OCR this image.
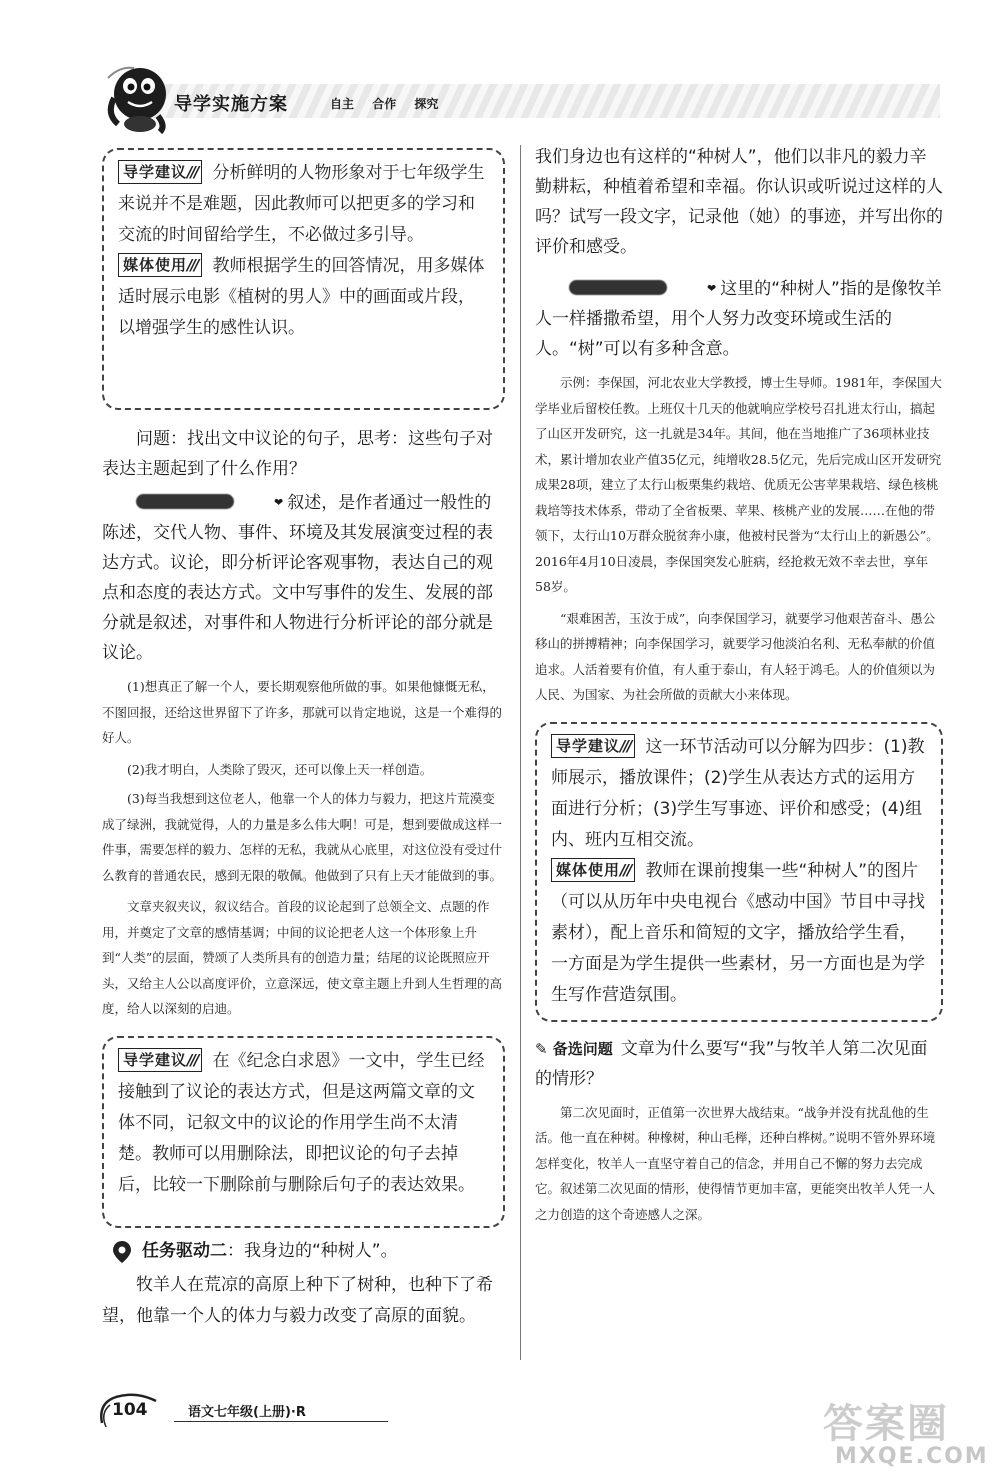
导学实施方案	自主 合作 探究
导学建议/// 分析鲜明的人物形象对于七年级学生来说并不是难题，因此教师可以把更多的学习和交流的时间留给学生，不必做过多引导。
媒体使用/// 教师根据学生的回答情况，用多媒体适时展示电影《植树的男人》中的画面或片段，以增强学生的感性认识。

问题：找出文中议论的句子，思考：这些句子对表达主题起到了什么作用？

❤ 叙述，是作者通过一般性的陈述，交代人物、事件、环境及其发展演变过程的表达方式。议论，即分析评论客观事物，表达自己的观点和态度的表达方式。文中写事件的发生、发展的部分就是叙述，对事件和人物进行分析评论的部分就是议论。

(1)想真正了解一个人，要长期观察他所做的事。如果他慷慨无私，不图回报，还给这世界留下了许多，那就可以肯定地说，这是一个难得的好人。

(2)我才明白，人类除了毁灭，还可以像上天一样创造。

(3)每当我想到这位老人，他靠一个人的体力与毅力，把这片荒漠变成了绿洲，我就觉得，人的力量是多么伟大啊！可是，想到要做成这样一件事，需要怎样的毅力、怎样的无私，我就从心底里，对这位没有受过什么教育的普通农民，感到无限的敬佩。他做到了只有上天才能做到的事。

文章夹叙夹议，叙议结合。首段的议论起到了总领全文、点题的作用，并奠定了文章的感情基调；中间的议论把老人这一个体形象上升到“人类”的层面，赞颂了人类所具有的创造力量；结尾的议论既照应开头，又给主人公以高度评价，立意深远，使文章主题上升到人生哲理的高度，给人以深刻的启迪。

导学建议/// 在《纪念白求恩》一文中，学生已经接触到了议论的表达方式，但是这两篇文章的文体不同，记叙文中的议论的作用学生尚不太清楚。教师可以用删除法，即把议论的句子去掉后，比较一下删除前与删除后句子的表达效果。

任务驱动二：我身边的“种树人”。

牧羊人在荒凉的高原上种下了树种，也种下了希望，他靠一个人的体力与毅力改变了高原的面貌。

我们身边也有这样的“种树人”，他们以非凡的毅力辛勤耕耘，种植着希望和幸福。你认识或听说过这样的人吗？试写一段文字，记录他（她）的事迹，并写出你的评价和感受。

❤ 这里的“种树人”指的是像牧羊人一样播撒希望，用个人努力改变环境或生活的人。“树”可以有多种含意。

示例：李保国，河北农业大学教授，博士生导师。1981年，李保国大学毕业后留校任教。上班仅十几天的他就响应学校号召扎进太行山，搞起了山区开发研究，这一扎就是34年。其间，他在当地推广了36项林业技术，累计增加农业产值35亿元，纯增收28.5亿元，先后完成山区开发研究成果28项，建立了太行山板栗集约栽培、优质无公害苹果栽培、绿色核桃栽培等技术体系，带动了全省板栗、苹果、核桃产业的发展……在他的带领下，太行山10万群众脱贫奔小康，他被村民誉为“太行山上的新愚公”。2016年4月10日凌晨，李保国突发心脏病，经抢救无效不幸去世，享年58岁。

“艰难困苦，玉汝于成”，向李保国学习，就要学习他艰苦奋斗、愚公移山的拼搏精神；向李保国学习，就要学习他淡泊名利、无私奉献的价值追求。人活着要有价值，有人重于泰山，有人轻于鸿毛。人的价值须以为人民、为国家、为社会所做的贡献大小来体现。

导学建议/// 这一环节活动可以分解为四步：(1)教师展示，播放课件；(2)学生从表达方式的运用方面进行分析；(3)学生写事迹、评价和感受；(4)组内、班内互相交流。
媒体使用/// 教师在课前搜集一些“种树人”的图片（可以从历年中央电视台《感动中国》节目中寻找素材），配上音乐和简短的文字，播放给学生看，一方面是为学生提供一些素材，另一方面也是为学生写作营造氛围。

✎ 备选问题 文章为什么要写“我”与牧羊人第二次见面的情形？

第二次见面时，正值第一次世界大战结束。“战争并没有扰乱他的生活。他一直在种树。种橡树，种山毛榉，还种白桦树。”说明不管外界环境怎样变化，牧羊人一直坚守着自己的信念，并用自己不懈的努力去完成它。叙述第二次见面的情形，使得情节更加丰富，更能突出牧羊人凭一人之力创造的这个奇迹感人之深。

104	语文七年级(上册)·R	答案圈
MXQE.COM
